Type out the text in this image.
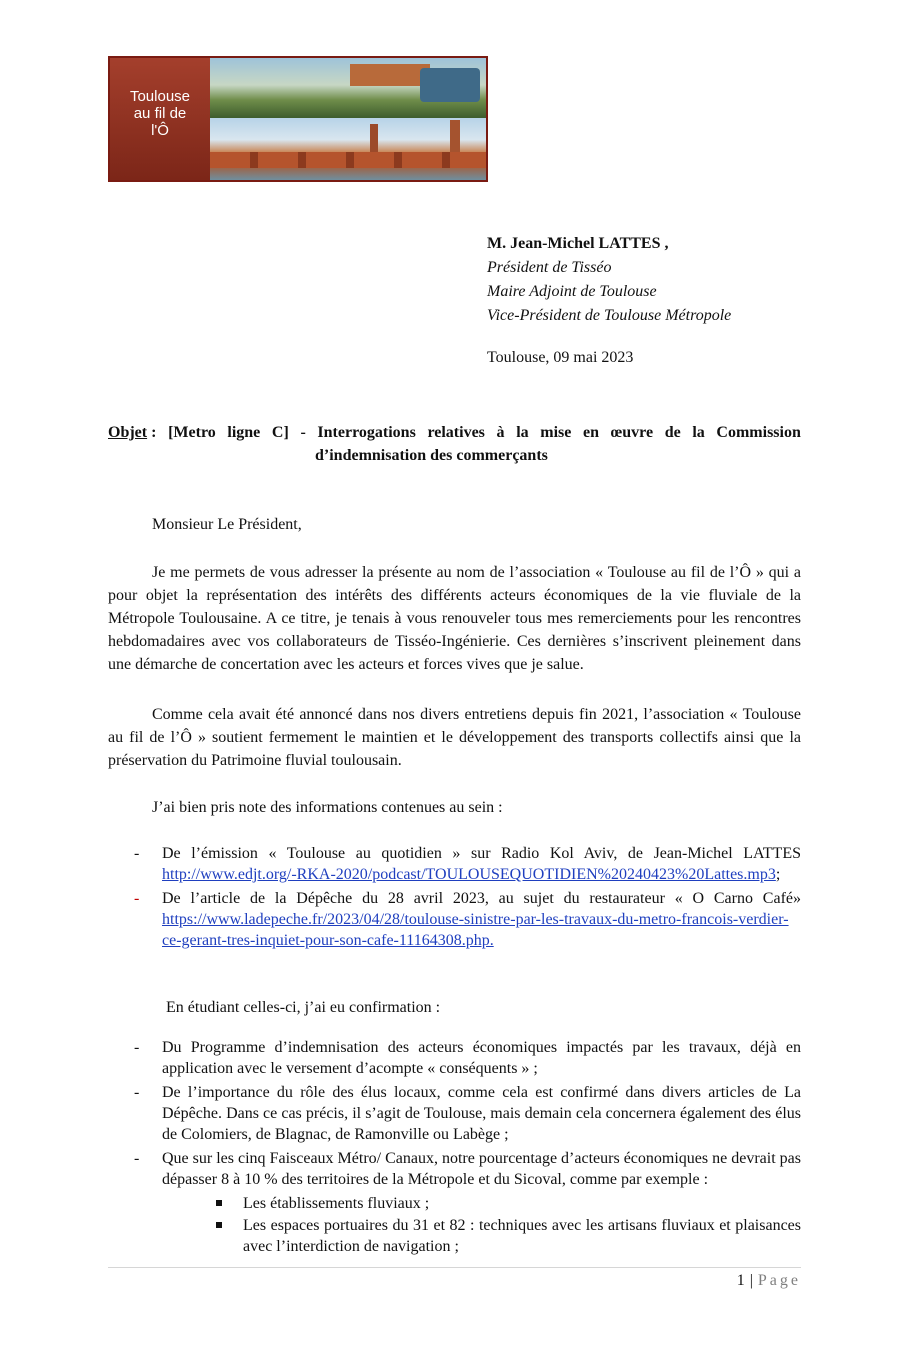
Toulouse
au fil de
l'Ô
M. Jean-Michel LATTES ,
Président de Tisséo
Maire Adjoint de Toulouse
Vice-Président de Toulouse Métropole
Toulouse, 09 mai 2023
Objet : [Metro ligne C] - Interrogations relatives à la mise en œuvre de la Commission
d’indemnisation des commerçants
Monsieur Le Président,
Je me permets de vous adresser la présente au nom de l’association « Toulouse au fil de l’Ô » qui a pour objet la représentation des intérêts des différents acteurs économiques de la vie fluviale de la Métropole Toulousaine. A ce titre, je tenais à vous renouveler tous mes remerciements pour les rencontres hebdomadaires avec vos collaborateurs de Tisséo-Ingénierie. Ces dernières s’inscrivent pleinement dans une démarche de concertation avec les acteurs et forces vives que je salue.
Comme cela avait été annoncé dans nos divers entretiens depuis fin 2021, l’association « Toulouse au fil de l’Ô » soutient fermement le maintien et le développement des transports collectifs ainsi que la préservation du Patrimoine fluvial toulousain.
J’ai bien pris note des informations contenues au sein :
- De l’émission « Toulouse au quotidien » sur Radio Kol Aviv, de Jean-Michel LATTES http://www.edjt.org/-RKA-2020/podcast/TOULOUSEQUOTIDIEN%20240423%20Lattes.mp3;
- De l’article de la Dépêche du 28 avril 2023, au sujet du restaurateur « O Carno Café» https://www.ladepeche.fr/2023/04/28/toulouse-sinistre-par-les-travaux-du-metro-francois-verdier-ce-gerant-tres-inquiet-pour-son-cafe-11164308.php.
En étudiant celles-ci, j’ai eu confirmation :
- Du Programme d’indemnisation des acteurs économiques impactés par les travaux, déjà en application avec le versement d’acompte « conséquents » ;
- De l’importance du rôle des élus locaux, comme cela est confirmé dans divers articles de La Dépêche. Dans ce cas précis, il s’agit de Toulouse, mais demain cela concernera également des élus de Colomiers, de Blagnac, de Ramonville ou Labège ;
- Que sur les cinq Faisceaux Métro/ Canaux, notre pourcentage d’acteurs économiques ne devrait pas dépasser 8 à 10 % des territoires de la Métropole et du Sicoval, comme par exemple :
Les établissements fluviaux ;
Les espaces portuaires du 31 et 82 : techniques avec les artisans fluviaux et plaisances avec l’interdiction de navigation ;
1 | Page
